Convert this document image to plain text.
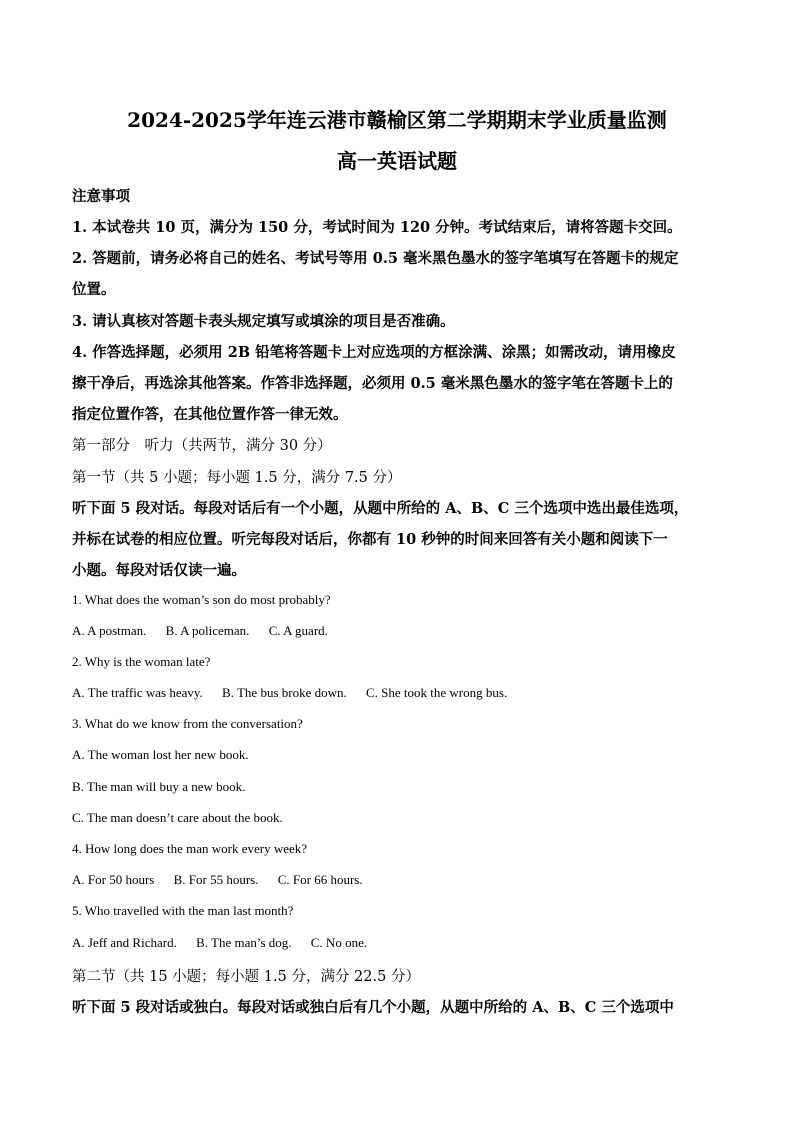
2024-2025学年连云港市赣榆区第二学期期末学业质量监测
高一英语试题
注意事项
1. 本试卷共 10 页，满分为 150 分，考试时间为 120 分钟。考试结束后，请将答题卡交回。
2. 答题前，请务必将自己的姓名、考试号等用 0.5 毫米黑色墨水的签字笔填写在答题卡的规定
位置。
3. 请认真核对答题卡表头规定填写或填涂的项目是否准确。
4. 作答选择题，必须用 2B 铅笔将答题卡上对应选项的方框涂满、涂黑；如需改动，请用橡皮
擦干净后，再选涂其他答案。作答非选择题，必须用 0.5 毫米黑色墨水的签字笔在答题卡上的
指定位置作答，在其他位置作答一律无效。
第一部分　听力（共两节，满分 30 分）
第一节（共 5 小题；每小题 1.5 分，满分 7.5 分）
听下面 5 段对话。每段对话后有一个小题，从题中所给的 A、B、C 三个选项中选出最佳选项，
并标在试卷的相应位置。听完每段对话后，你都有 10 秒钟的时间来回答有关小题和阅读下一
小题。每段对话仅读一遍。
1. What does the woman’s son do most probably?
A. A postman. B. A policeman. C. A guard.
2. Why is the woman late?
A. The traffic was heavy. B. The bus broke down. C. She took the wrong bus.
3. What do we know from the conversation?
A. The woman lost her new book.
B. The man will buy a new book.
C. The man doesn’t care about the book.
4. How long does the man work every week?
A. For 50 hours B. For 55 hours. C. For 66 hours.
5. Who travelled with the man last month?
A. Jeff and Richard. B. The man’s dog. C. No one.
第二节（共 15 小题；每小题 1.5 分，满分 22.5 分）
听下面 5 段对话或独白。每段对话或独白后有几个小题，从题中所给的 A、B、C 三个选项中
